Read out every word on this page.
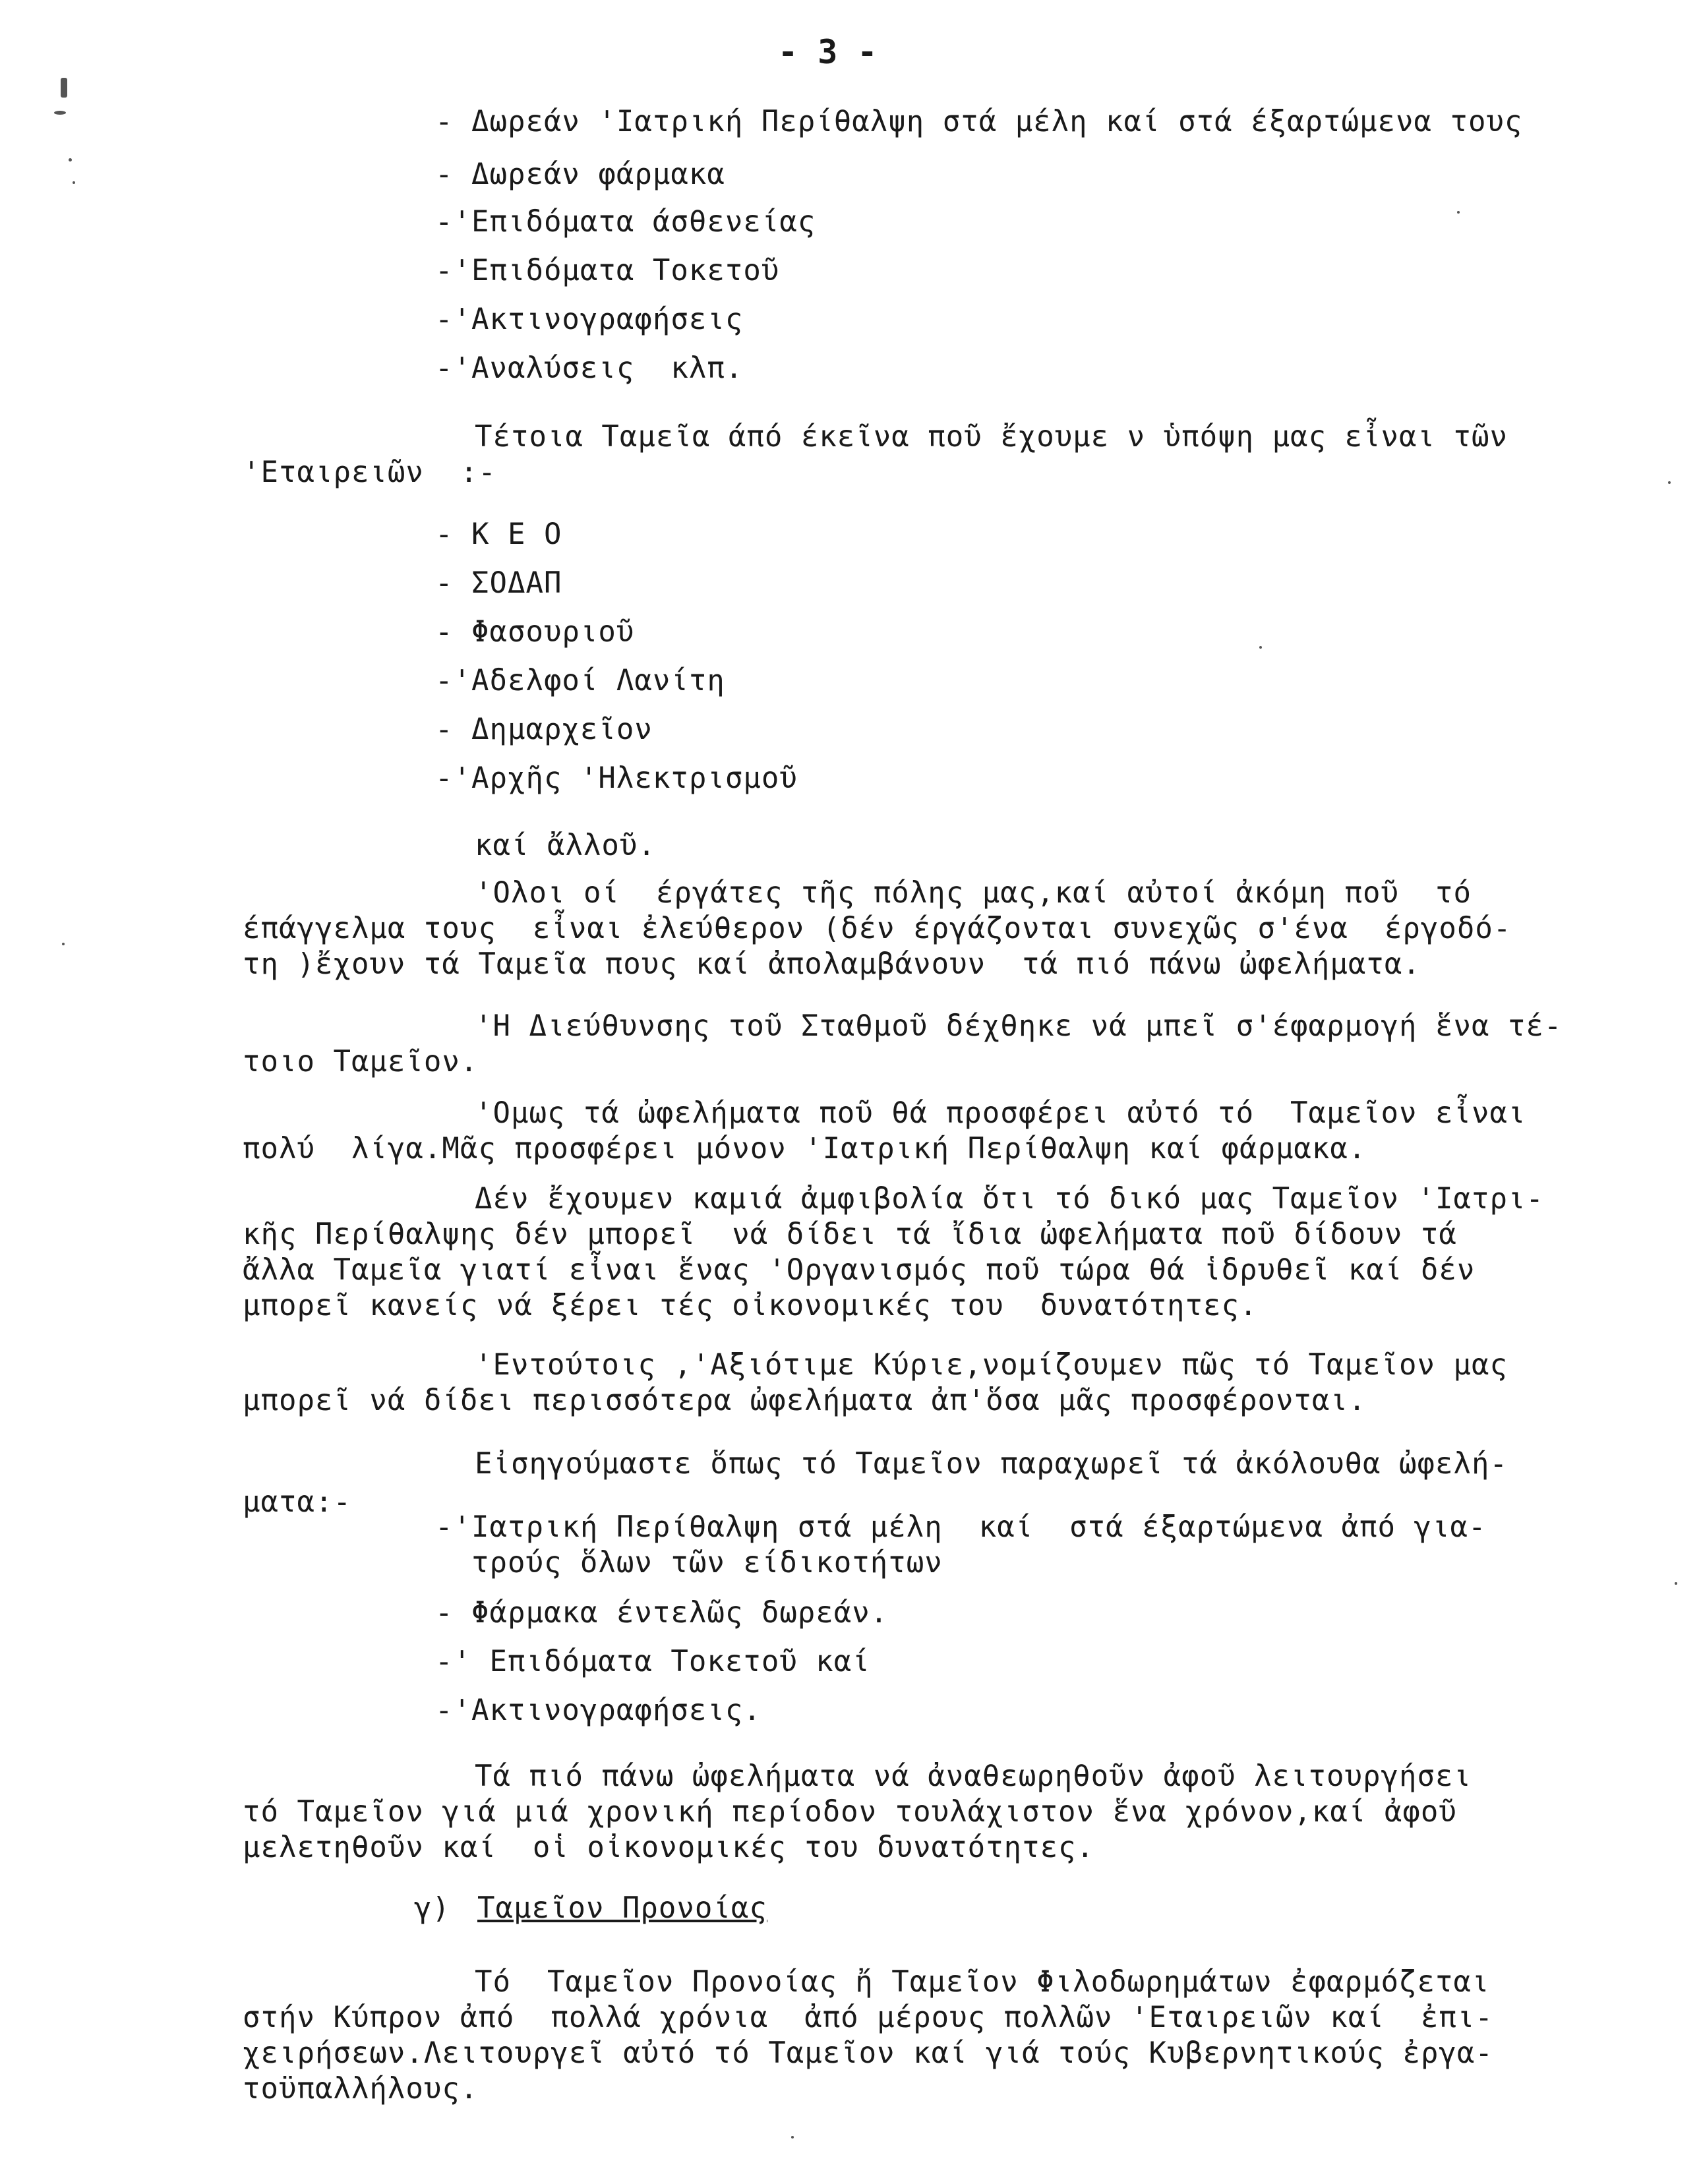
- 3 -
- Δωρεάν 'Ιατρική Περίθαλψη στά μέλη καί στά έξαρτώμενα τους
- Δωρεάν φάρμακα
-'Επιδόματα άσθενείας
-'Επιδόματα Τοκετοῦ
-'Ακτινογραφήσεις
-'Αναλύσεις  κλπ.
Τέτοια Ταμεῖα άπό έκεῖνα ποῦ ἔχουμε ν ὑπόψη μας εἶναι τῶν
'Εταιρειῶν  :-
- Κ Ε Ο
- ΣΟΔΑΠ
- Φασουριοῦ
-'Αδελφοί Λανίτη
- Δημαρχεῖον
-'Αρχῆς 'Ηλεκτρισμοῦ
καί ἄλλοῦ.
'Ολοι οί  έργάτες τῆς πόλης μας,καί αὐτοί ἀκόμη ποῦ  τό
έπάγγελμα τους  εἶναι ἐλεύθερον (δέν έργάζονται συνεχῶς σ'ένα  έργοδό-
τη )ἔχουν τά Ταμεῖα πους καί ἀπολαμβάνουν  τά πιό πάνω ὠφελήματα.
'Η Διεύθυνσης τοῦ Σταθμοῦ δέχθηκε νά μπεῖ σ'έφαρμογή ἕνα τέ-
τοιο Ταμεῖον.
'Ομως τά ὠφελήματα ποῦ θά προσφέρει αὐτό τό  Ταμεῖον εἶναι
πολύ  λίγα.Μᾶς προσφέρει μόνον 'Ιατρική Περίθαλψη καί φάρμακα.
Δέν ἔχουμεν καμιά ἀμφιβολία ὅτι τό δικό μας Ταμεῖον 'Ιατρι-
κῆς Περίθαλψης δέν μπορεῖ  νά δίδει τά ἴδια ὠφελήματα ποῦ δίδουν τά
ἄλλα Ταμεῖα γιατί εἶναι ἕνας 'Οργανισμός ποῦ τώρα θά ἱδρυθεῖ καί δέν
μπορεῖ κανείς νά ξέρει τές οἰκονομικές του  δυνατότητες.
'Εντούτοις ,'Αξιότιμε Κύριε,νομίζουμεν πῶς τό Ταμεῖον μας
μπορεῖ νά δίδει περισσότερα ὠφελήματα ἀπ'ὅσα μᾶς προσφέρονται.
Εἰσηγούμαστε ὅπως τό Ταμεῖον παραχωρεῖ τά ἀκόλουθα ὠφελή-
ματα:-
-'Ιατρική Περίθαλψη στά μέλη  καί  στά έξαρτώμενα ἀπό για-
τρούς ὅλων τῶν είδικοτήτων
- Φάρμακα έντελῶς δωρεάν.
-' Επιδόματα Τοκετοῦ καί
-'Ακτινογραφήσεις.
Τά πιό πάνω ὠφελήματα νά ἀναθεωρηθοῦν ἀφοῦ λειτουργήσει
τό Ταμεῖον γιά μιά χρονική περίοδον τουλάχιστον ἕνα χρόνον,καί ἀφοῦ
μελετηθοῦν καί  οἱ οἰκονομικές του δυνατότητες.
γ) Ταμεῖον Προνοίας
Τό  Ταμεῖον Προνοίας ἤ Ταμεῖον Φιλοδωρημάτων ἐφαρμόζεται
στήν Κύπρον ἀπό  πολλά χρόνια  ἀπό μέρους πολλῶν 'Εταιρειῶν καί  ἐπι-
χειρήσεων.Λειτουργεῖ αὐτό τό Ταμεῖον καί γιά τούς Κυβερνητικούς ἐργα-
τοϋπαλλήλους.
